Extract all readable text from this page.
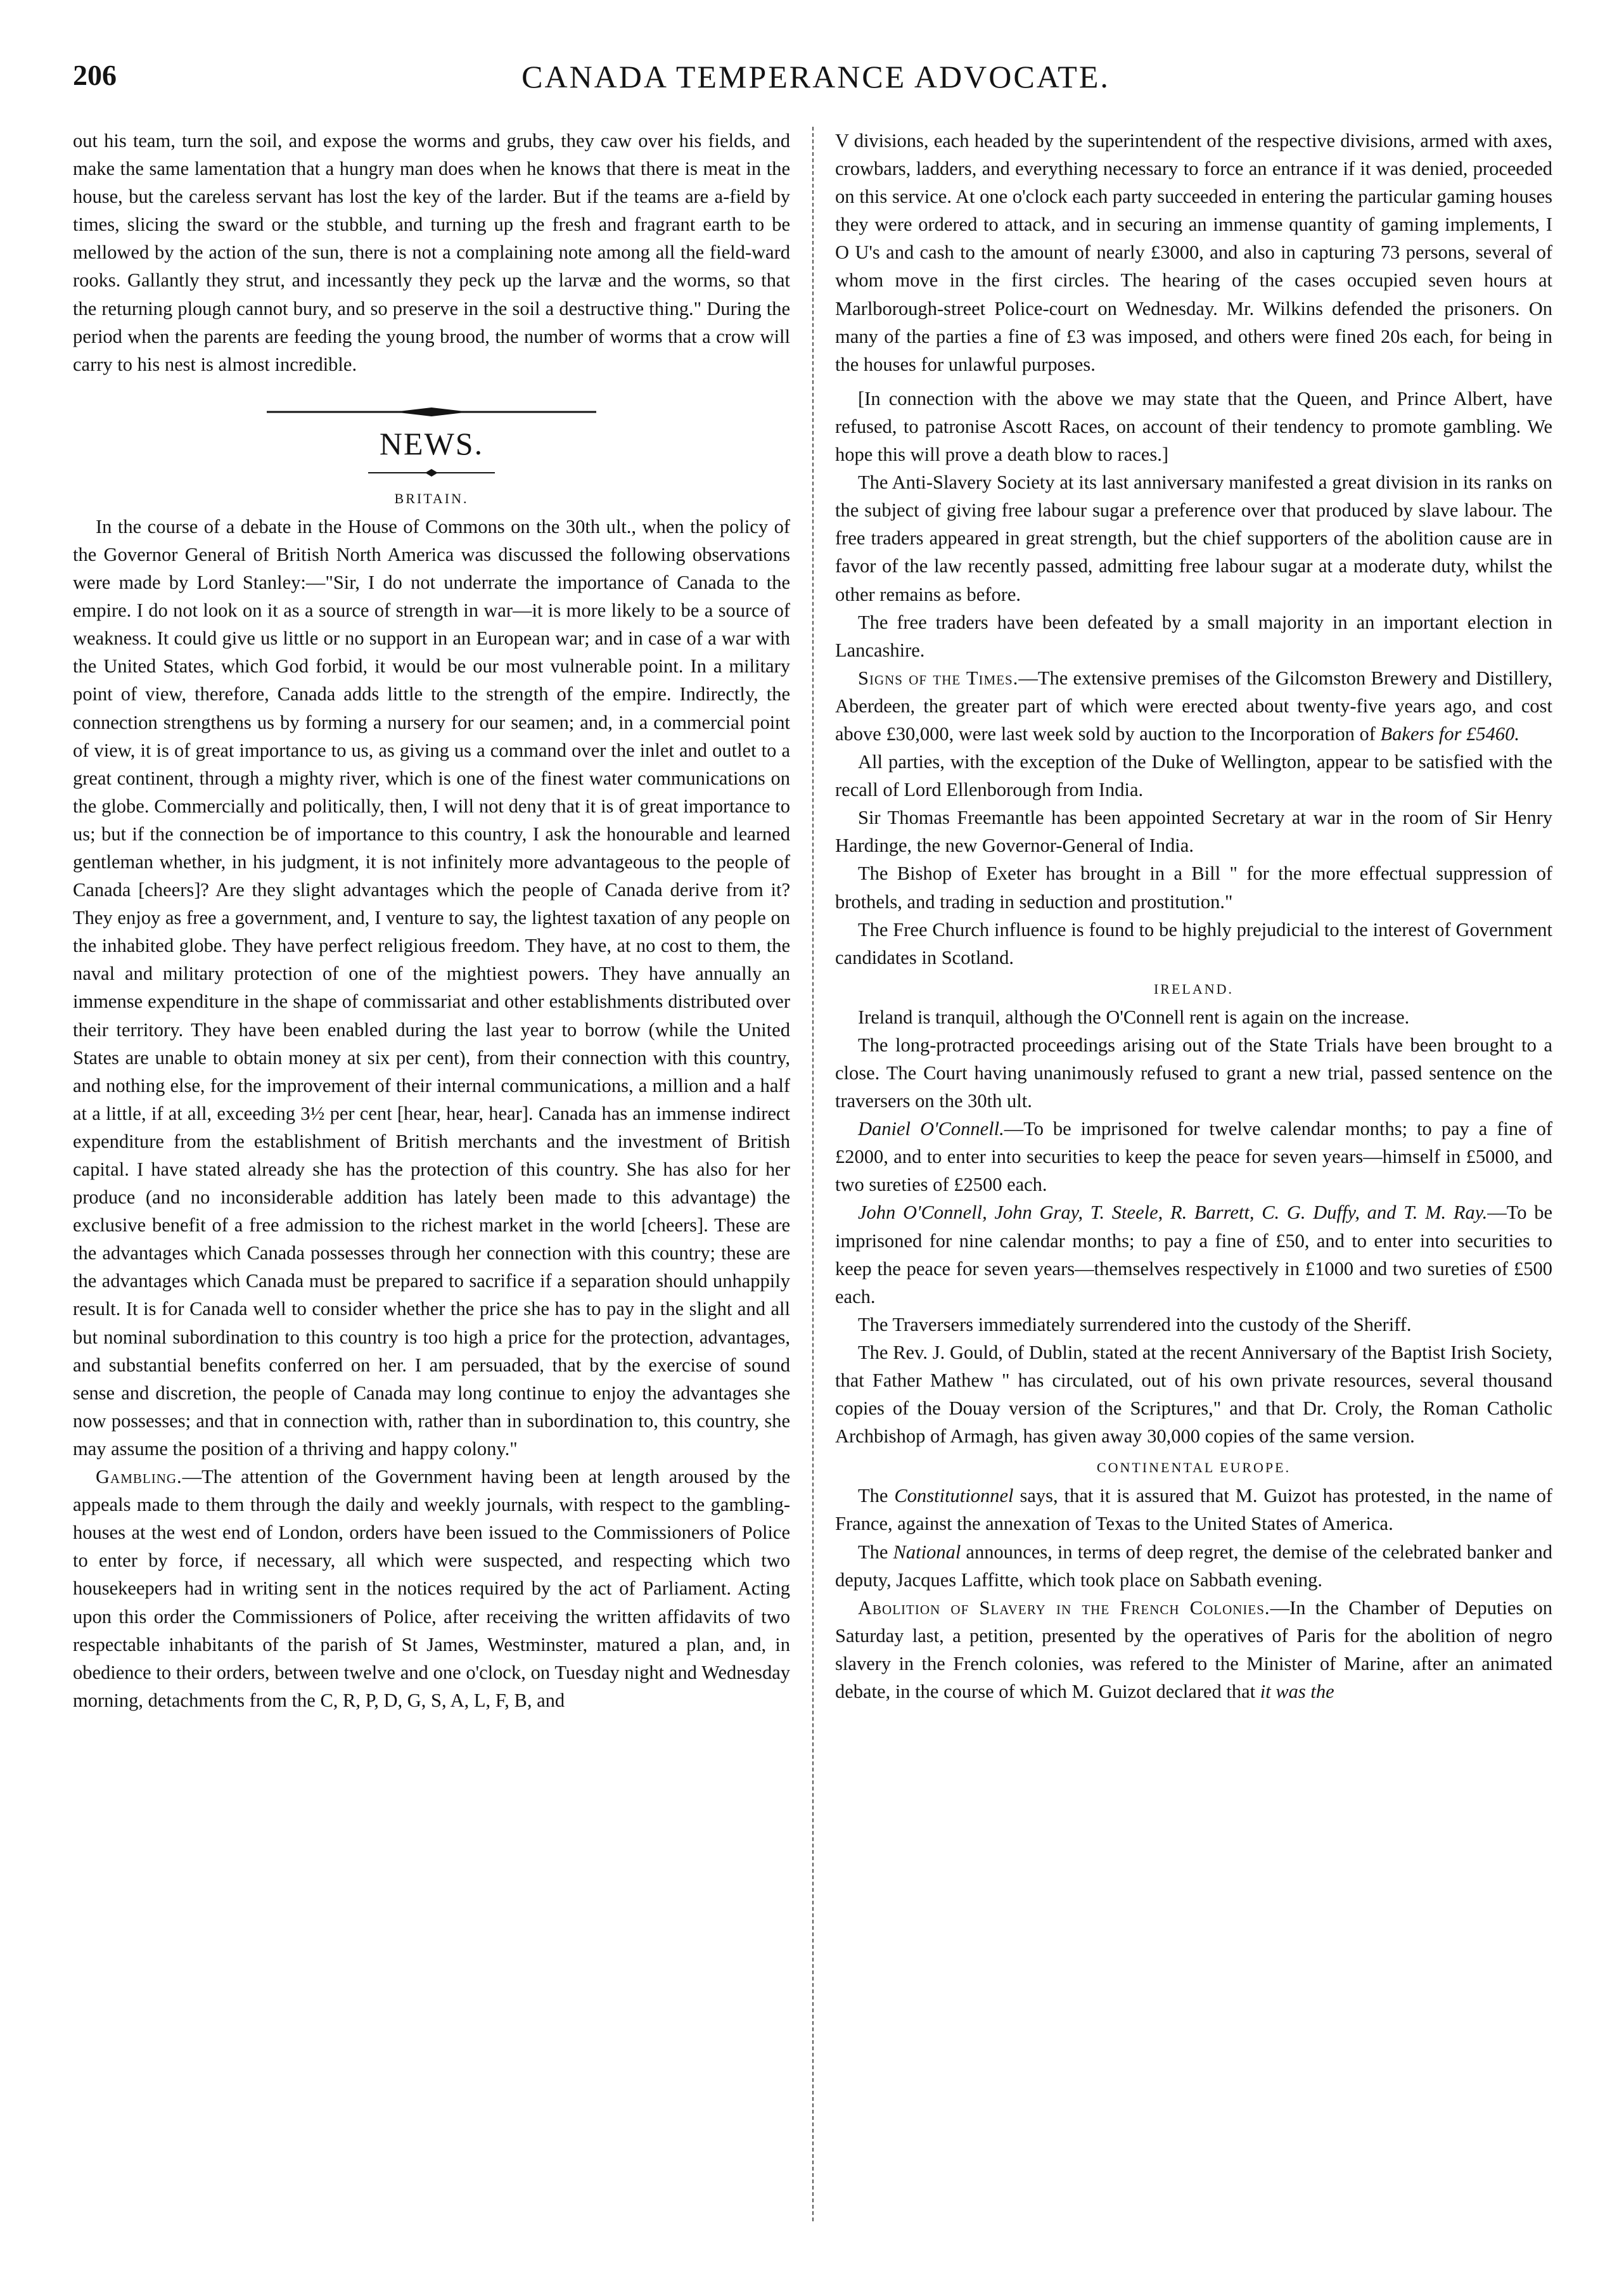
206	CANADA TEMPERANCE ADVOCATE.

out his team, turn the soil, and expose the worms and grubs, they caw over his fields, and make the same lamentation that a hungry man does when he knows that there is meat in the house, but the careless servant has lost the key of the larder. But if the teams are a-field by times, slicing the sward or the stubble, and turning up the fresh and fragrant earth to be mellowed by the action of the sun, there is not a complaining note among all the field-ward rooks. Gallantly they strut, and incessantly they peck up the larvæ and the worms, so that the returning plough cannot bury, and so preserve in the soil a destructive thing." During the period when the parents are feeding the young brood, the number of worms that a crow will carry to his nest is almost incredible.

NEWS.
BRITAIN.

In the course of a debate in the House of Commons on the 30th ult., when the policy of the Governor General of British North America was discussed the following observations were made by Lord Stanley:—"Sir, I do not underrate the importance of Canada to the empire. I do not look on it as a source of strength in war—it is more likely to be a source of weakness. It could give us little or no support in an European war; and in case of a war with the United States, which God forbid, it would be our most vulnerable point. In a military point of view, therefore, Canada adds little to the strength of the empire. Indirectly, the connection strengthens us by forming a nursery for our seamen; and, in a commercial point of view, it is of great importance to us, as giving us a command over the inlet and outlet to a great continent, through a mighty river, which is one of the finest water communications on the globe. Commercially and politically, then, I will not deny that it is of great importance to us; but if the connection be of importance to this country, I ask the honourable and learned gentleman whether, in his judgment, it is not infinitely more advantageous to the people of Canada [cheers]? Are they slight advantages which the people of Canada derive from it? They enjoy as free a government, and, I venture to say, the lightest taxation of any people on the inhabited globe. They have perfect religious freedom. They have, at no cost to them, the naval and military protection of one of the mightiest powers. They have annually an immense expenditure in the shape of commissariat and other establishments distributed over their territory. They have been enabled during the last year to borrow (while the United States are unable to obtain money at six per cent), from their connection with this country, and nothing else, for the improvement of their internal communications, a million and a half at a little, if at all, exceeding 3½ per cent [hear, hear, hear]. Canada has an immense indirect expenditure from the establishment of British merchants and the investment of British capital. I have stated already she has the protection of this country. She has also for her produce (and no inconsiderable addition has lately been made to this advantage) the exclusive benefit of a free admission to the richest market in the world [cheers]. These are the advantages which Canada possesses through her connection with this country; these are the advantages which Canada must be prepared to sacrifice if a separation should unhappily result. It is for Canada well to consider whether the price she has to pay in the slight and all but nominal subordination to this country is too high a price for the protection, advantages, and substantial benefits conferred on her. I am persuaded, that by the exercise of sound sense and discretion, the people of Canada may long continue to enjoy the advantages she now possesses; and that in connection with, rather than in subordination to, this country, she may assume the position of a thriving and happy colony."

Gambling.—The attention of the Government having been at length aroused by the appeals made to them through the daily and weekly journals, with respect to the gambling-houses at the west end of London, orders have been issued to the Commissioners of Police to enter by force, if necessary, all which were suspected, and respecting which two housekeepers had in writing sent in the notices required by the act of Parliament. Acting upon this order the Commissioners of Police, after receiving the written affidavits of two respectable inhabitants of the parish of St James, Westminster, matured a plan, and, in obedience to their orders, between twelve and one o'clock, on Tuesday night and Wednesday morning, detachments from the C, R, P, D, G, S, A, L, F, B, and

V divisions, each headed by the superintendent of the respective divisions, armed with axes, crowbars, ladders, and everything necessary to force an entrance if it was denied, proceeded on this service. At one o'clock each party succeeded in entering the particular gaming houses they were ordered to attack, and in securing an immense quantity of gaming implements, I O U's and cash to the amount of nearly £3000, and also in capturing 73 persons, several of whom move in the first circles. The hearing of the cases occupied seven hours at Marlborough-street Police-court on Wednesday. Mr. Wilkins defended the prisoners. On many of the parties a fine of £3 was imposed, and others were fined 20s each, for being in the houses for unlawful purposes.

[In connection with the above we may state that the Queen, and Prince Albert, have refused, to patronise Ascott Races, on account of their tendency to promote gambling. We hope this will prove a death blow to races.]

The Anti-Slavery Society at its last anniversary manifested a great division in its ranks on the subject of giving free labour sugar a preference over that produced by slave labour. The free traders appeared in great strength, but the chief supporters of the abolition cause are in favor of the law recently passed, admitting free labour sugar at a moderate duty, whilst the other remains as before.

The free traders have been defeated by a small majority in an important election in Lancashire.

Signs of the Times.—The extensive premises of the Gilcomston Brewery and Distillery, Aberdeen, the greater part of which were erected about twenty-five years ago, and cost above £30,000, were last week sold by auction to the Incorporation of Bakers for £5460.

All parties, with the exception of the Duke of Wellington, appear to be satisfied with the recall of Lord Ellenborough from India.

Sir Thomas Freemantle has been appointed Secretary at war in the room of Sir Henry Hardinge, the new Governor-General of India.

The Bishop of Exeter has brought in a Bill " for the more effectual suppression of brothels, and trading in seduction and prostitution."

The Free Church influence is found to be highly prejudicial to the interest of Government candidates in Scotland.

IRELAND.

Ireland is tranquil, although the O'Connell rent is again on the increase.

The long-protracted proceedings arising out of the State Trials have been brought to a close. The Court having unanimously refused to grant a new trial, passed sentence on the traversers on the 30th ult.

Daniel O'Connell.—To be imprisoned for twelve calendar months; to pay a fine of £2000, and to enter into securities to keep the peace for seven years—himself in £5000, and two sureties of £2500 each.

John O'Connell, John Gray, T. Steele, R. Barrett, C. G. Duffy, and T. M. Ray.—To be imprisoned for nine calendar months; to pay a fine of £50, and to enter into securities to keep the peace for seven years—themselves respectively in £1000 and two sureties of £500 each.

The Traversers immediately surrendered into the custody of the Sheriff.

The Rev. J. Gould, of Dublin, stated at the recent Anniversary of the Baptist Irish Society, that Father Mathew " has circulated, out of his own private resources, several thousand copies of the Douay version of the Scriptures," and that Dr. Croly, the Roman Catholic Archbishop of Armagh, has given away 30,000 copies of the same version.

CONTINENTAL EUROPE.

The Constitutionnel says, that it is assured that M. Guizot has protested, in the name of France, against the annexation of Texas to the United States of America.

The National announces, in terms of deep regret, the demise of the celebrated banker and deputy, Jacques Laffitte, which took place on Sabbath evening.

Abolition of Slavery in the French Colonies.—In the Chamber of Deputies on Saturday last, a petition, presented by the operatives of Paris for the abolition of negro slavery in the French colonies, was refered to the Minister of Marine, after an animated debate, in the course of which M. Guizot declared that it was the
